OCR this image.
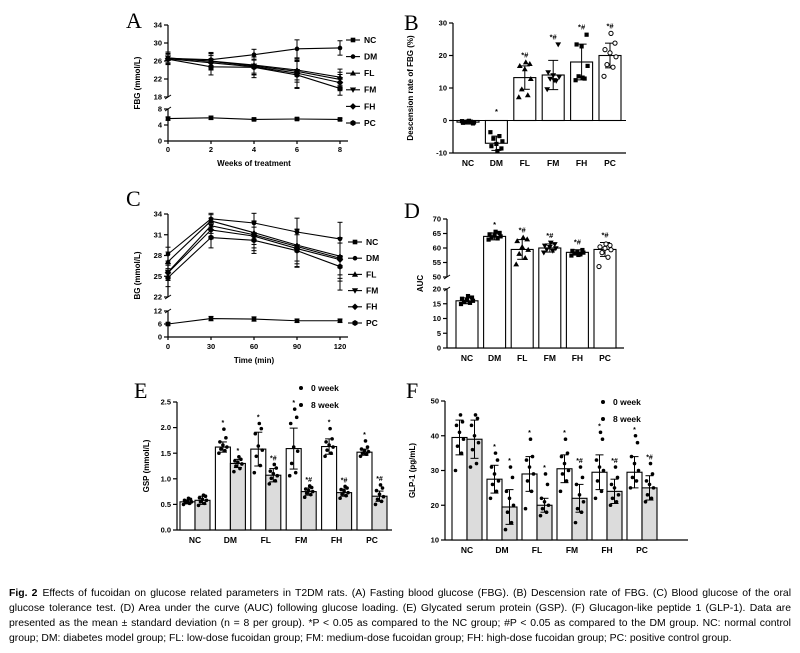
0
4
8
18
22
26
30
34
FBG (mmol/L)
0	2	4	6	8
Weeks of treatment
NC
DM
FL
FM
FH
PC
A
-10
0
10
20
30
Descension rate of FBG (%)
NC
*
DM
*#
FL
*#
FM
*#
FH
*#
PC
B
0
6
12
22
25
28
31
34
BG (mmol/L)
0	30	60	90	120
Time (min)
NC
DM
FL
FM
FH
PC
C
0
5
10
15
20
50
55
60
65
70
AUC
NC
*
DM
*#
FL
*#
FM
*#
FH
*#
PC
D
0.0
0.5
1.0
1.5
2.0
2.5
GSP (mmol/L)
*
*
*
*
*
*
*#
*#	*#	*#
NC	DM	FL	FM	FH	PC
0 week
8 week
E
10
20
30
40
50
GLP-1 (pg/mL)	*
*	*
*	*
*
*
*#	*#	*#
NC	DM	FL	FM	FH	PC
0 week
8 week
F

Fig. 2 Effects of fucoidan on glucose related parameters in T2DM rats. (A) Fasting blood glucose (FBG). (B) Descension rate of FBG. (C) Blood glucose of the oral glucose tolerance test. (D) Area under the curve (AUC) following glucose loading. (E) Glycated serum protein (GSP). (F) Glucagon-like peptide 1 (GLP-1). Data are presented as the mean ± standard deviation (n = 8 per group). *P < 0.05 as compared to the NC group; #P < 0.05 as compared to the DM group. NC: normal control group; DM: diabetes model group; FL: low-dose fucoidan group; FM: medium-dose fucoidan group; FH: high-dose fucoidan group; PC: positive control group.
